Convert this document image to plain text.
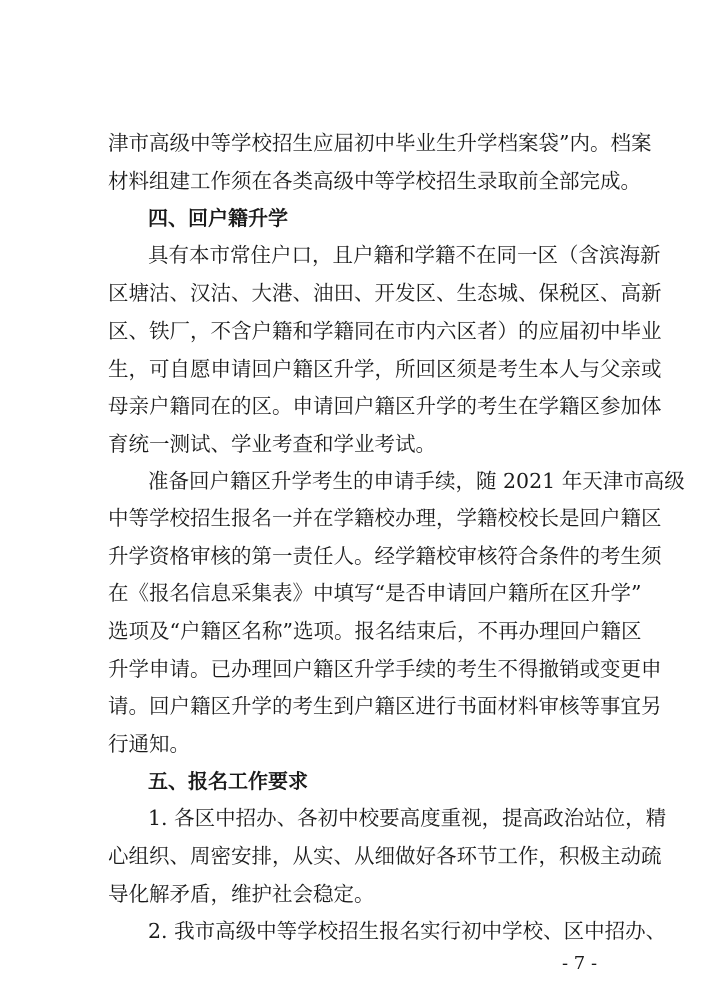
津市高级中等学校招生应届初中毕业生升学档案袋”内。档案
材料组建工作须在各类高级中等学校招生录取前全部完成。
四、回户籍升学
具有本市常住户口，且户籍和学籍不在同一区（含滨海新
区塘沽、汉沽、大港、油田、开发区、生态城、保税区、高新
区、铁厂，不含户籍和学籍同在市内六区者）的应届初中毕业
生，可自愿申请回户籍区升学，所回区须是考生本人与父亲或
母亲户籍同在的区。申请回户籍区升学的考生在学籍区参加体
育统一测试、学业考查和学业考试。
准备回户籍区升学考生的申请手续，随 2021 年天津市高级
中等学校招生报名一并在学籍校办理，学籍校校长是回户籍区
升学资格审核的第一责任人。经学籍校审核符合条件的考生须
在《报名信息采集表》中填写“是否申请回户籍所在区升学”
选项及“户籍区名称”选项。报名结束后，不再办理回户籍区
升学申请。已办理回户籍区升学手续的考生不得撤销或变更申
请。回户籍区升学的考生到户籍区进行书面材料审核等事宜另
行通知。
五、报名工作要求
1. 各区中招办、各初中校要高度重视，提高政治站位，精
心组织、周密安排，从实、从细做好各环节工作，积极主动疏
导化解矛盾，维护社会稳定。
2. 我市高级中等学校招生报名实行初中学校、区中招办、
- 7 -
